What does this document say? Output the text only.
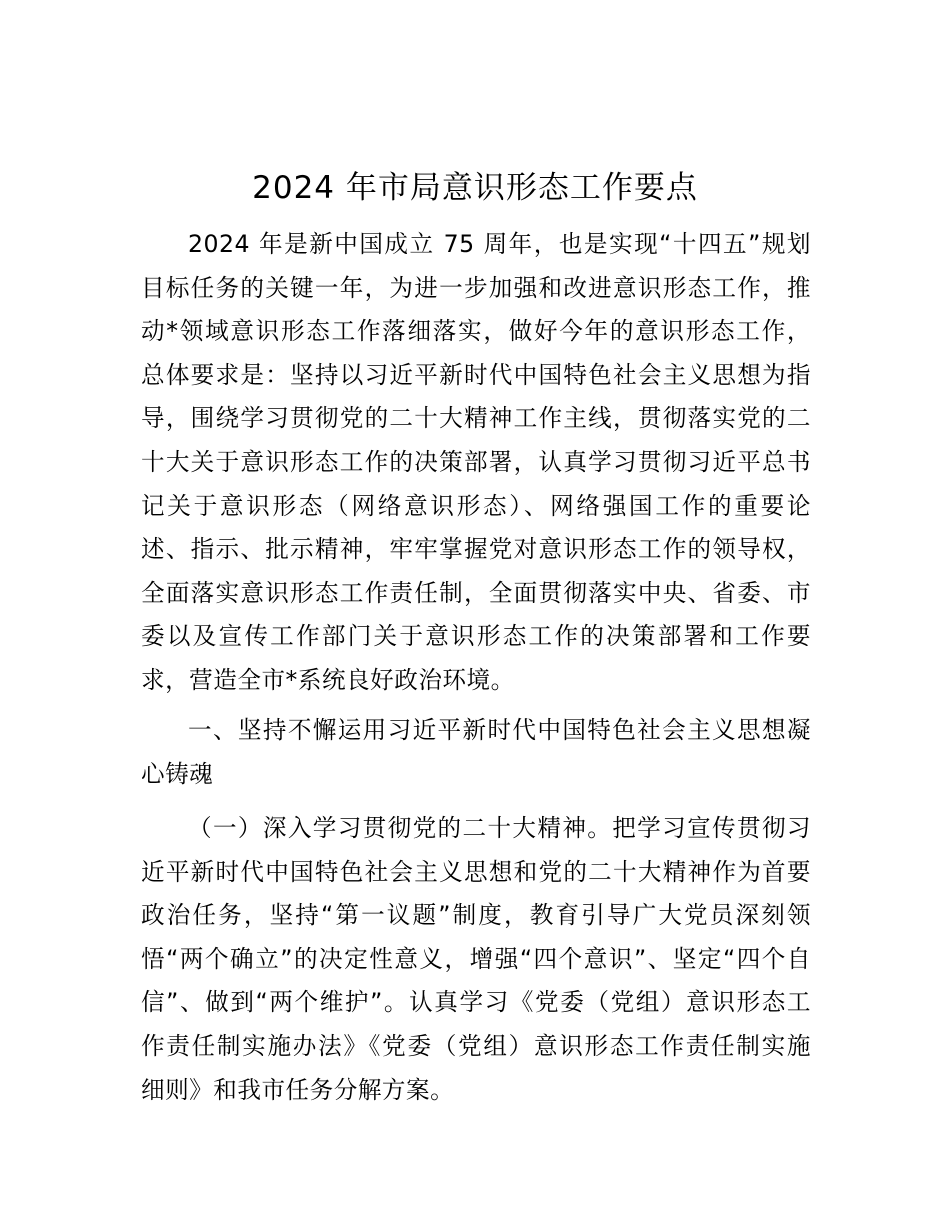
2024 年市局意识形态工作要点
2024 年是新中国成立 75 周年，也是实现“十四五”规划
目标任务的关键一年，为进一步加强和改进意识形态工作，推
动*领域意识形态工作落细落实，做好今年的意识形态工作，
总体要求是：坚持以习近平新时代中国特色社会主义思想为指
导，围绕学习贯彻党的二十大精神工作主线，贯彻落实党的二
十大关于意识形态工作的决策部署，认真学习贯彻习近平总书
记关于意识形态（网络意识形态）、网络强国工作的重要论
述、指示、批示精神，牢牢掌握党对意识形态工作的领导权，
全面落实意识形态工作责任制，全面贯彻落实中央、省委、市
委以及宣传工作部门关于意识形态工作的决策部署和工作要
求，营造全市*系统良好政治环境。
一、坚持不懈运用习近平新时代中国特色社会主义思想凝
心铸魂
（一）深入学习贯彻党的二十大精神。把学习宣传贯彻习
近平新时代中国特色社会主义思想和党的二十大精神作为首要
政治任务，坚持“第一议题”制度，教育引导广大党员深刻领
悟“两个确立”的决定性意义，增强“四个意识”、坚定“四个自
信”、做到“两个维护”。认真学习《党委（党组）意识形态工
作责任制实施办法》《党委（党组）意识形态工作责任制实施
细则》和我市任务分解方案。
